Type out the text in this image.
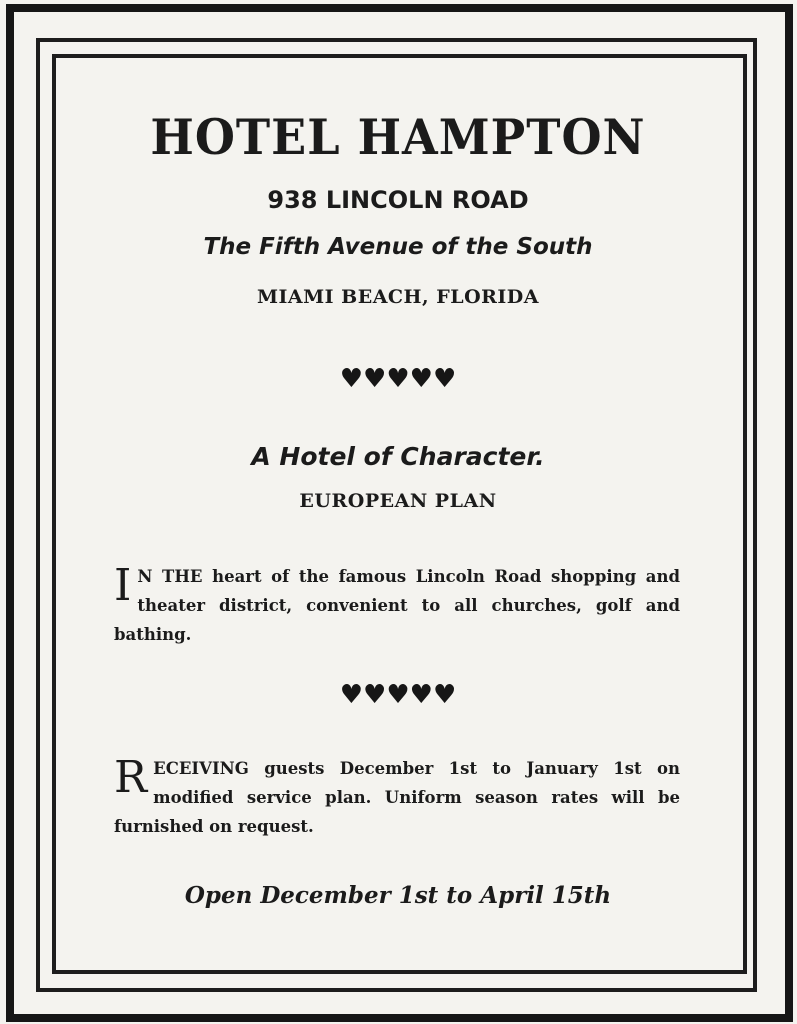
HOTEL HAMPTON

938 LINCOLN ROAD

The Fifth Avenue of the South

MIAMI BEACH, FLORIDA

♥ ♥ ♥ ♥ ♥

A Hotel of Character.

EUROPEAN PLAN

I N THE heart of the famous Lincoln Road shopping and theater district, convenient to all churches, golf and bathing.

♥ ♥ ♥ ♥ ♥

RECEIVING guests December 1st to January 1st on modified service plan. Uniform season rates will be furnished on request.

Open December 1st to April 15th
